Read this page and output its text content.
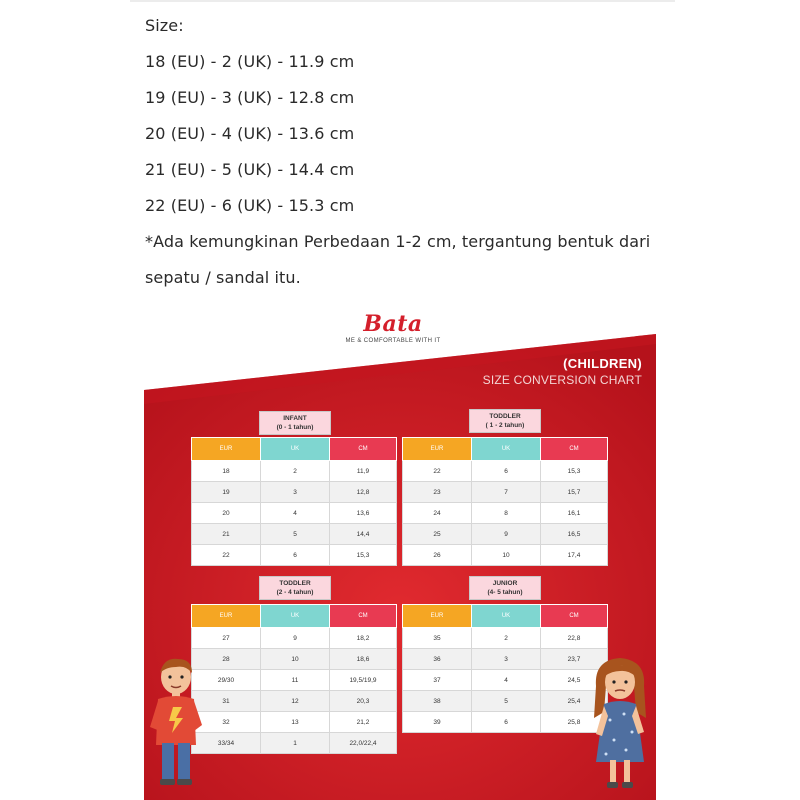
Size:

18 (EU) - 2 (UK) - 11.9 cm

19 (EU) - 3 (UK) - 12.8 cm

20 (EU) - 4 (UK) - 13.6 cm

21 (EU) - 5 (UK) - 14.4 cm

22 (EU) - 6 (UK) - 15.3 cm

*Ada kemungkinan Perbedaan 1-2 cm, tergantung bentuk dari

sepatu / sandal itu.

Bata
ME & COMFORTABLE WITH IT
(CHILDREN)
SIZE CONVERSION CHART
INFANT
(0 - 1 tahun)
EUR	UK	CM
18	2	11,9
19	3	12,8
20	4	13,6
21	5	14,4
22	6	15,3
TODDLER
( 1 - 2 tahun)
EUR	UK	CM
22	6	15,3
23	7	15,7
24	8	16,1
25	9	16,5
26	10	17,4
TODDLER
(2 - 4 tahun)
EUR	UK	CM
27	9	18,2
28	10	18,6
29/30	11	19,5/19,9
31	12	20,3
32	13	21,2
33/34	1	22,0/22,4
JUNIOR
(4- 5 tahun)
EUR	UK	CM
35	2	22,8
36	3	23,7
37	4	24,5
38	5	25,4
39	6	25,8
